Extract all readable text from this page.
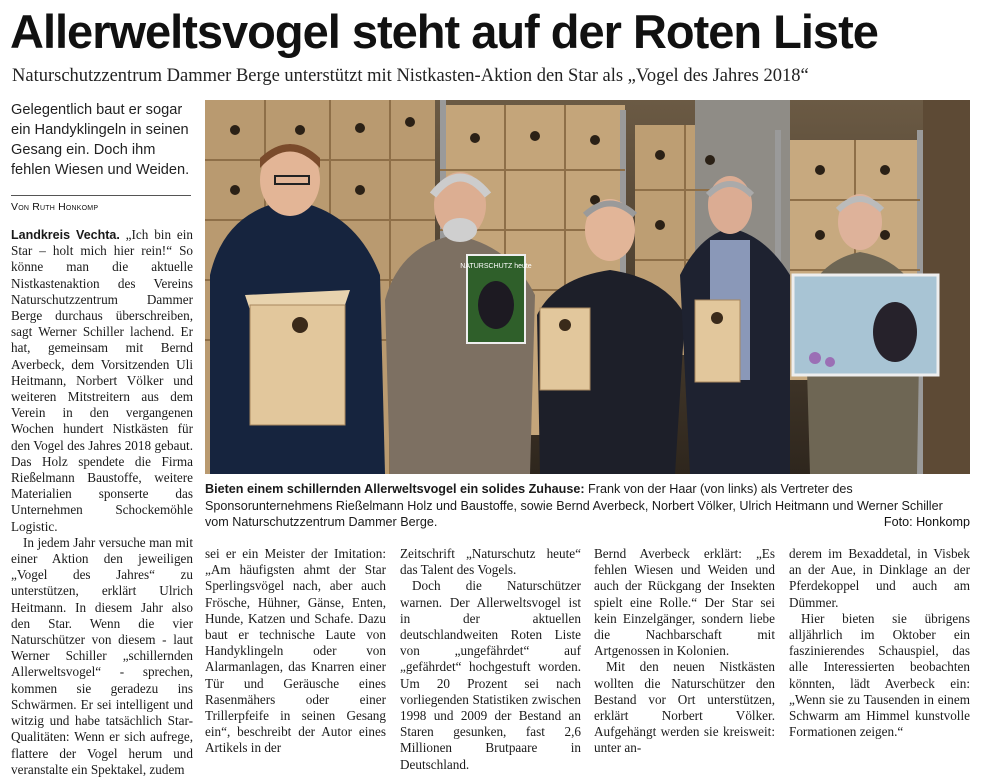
Allerweltsvogel steht auf der Roten Liste
Naturschutzzentrum Dammer Berge unterstützt mit Nistkasten-Aktion den Star als „Vogel des Jahres 2018“
Gelegentlich baut er sogar ein Handyklingeln in seinen Gesang ein. Doch ihm fehlen Wiesen und Weiden.
Von Ruth Honkomp

Landkreis Vechta. „Ich bin ein Star – holt mich hier rein!“ So könne man die aktuelle Nistkastenaktion des Vereins Naturschutzzentrum Dammer Berge durchaus überschreiben, sagt Werner Schiller lachend. Er hat, gemeinsam mit Bernd Averbeck, dem Vorsitzenden Uli Heitmann, Norbert Völker und weiteren Mitstreitern aus dem Verein in den vergangenen Wochen hundert Nistkästen für den Vogel des Jahres 2018 gebaut. Das Holz spendete die Firma Rießelmann Baustoffe, weitere Materialien sponserte das Unternehmen Schockemöhle Logistic.

In jedem Jahr versuche man mit einer Aktion den jeweiligen „Vogel des Jahres“ zu unterstützen, erklärt Ulrich Heitmann. In diesem Jahr also den Star. Wenn die vier Naturschützer von diesem - laut Werner Schiller „schillernden Allerweltsvogel“ - sprechen, kommen sie geradezu ins Schwärmen. Er sei intelligent und witzig und habe tatsächlich Star-Qualitäten: Wenn er sich aufrege, flattere der Vogel herum und veranstalte ein Spektakel, zudem

NATURSCHUTZ heute
Bieten einem schillernden Allerweltsvogel ein solides Zuhause: Frank von der Haar (von links) als Vertreter des Sponsorunternehmens Rießelmann Holz und Baustoffe, sowie Bernd Averbeck, Norbert Völker, Ulrich Heitmann und Werner Schiller vom Naturschutzzentrum Dammer Berge.	Foto: Honkomp

sei er ein Meister der Imitation: „Am häufigsten ahmt der Star Sperlingsvögel nach, aber auch Frösche, Hühner, Gänse, Enten, Hunde, Katzen und Schafe. Dazu baut er technische Laute von Handyklingeln oder von Alarmanlagen, das Knarren einer Tür und Geräusche eines Rasenmähers oder einer Trillerpfeife in seinen Gesang ein“, beschreibt der Autor eines Artikels in der

Zeitschrift „Naturschutz heute“ das Talent des Vogels.

Doch die Naturschützer warnen. Der Allerweltsvogel ist in der aktuellen deutschlandweiten Roten Liste von „ungefährdet“ auf „gefährdet“ hochgestuft worden. Um 20 Prozent sei nach vorliegenden Statistiken zwischen 1998 und 2009 der Bestand an Staren gesunken, fast 2,6 Millionen Brutpaare in Deutschland.

Bernd Averbeck erklärt: „Es fehlen Wiesen und Weiden und auch der Rückgang der Insekten spielt eine Rolle.“ Der Star sei kein Einzelgänger, sondern liebe die Nachbarschaft mit Artgenossen in Kolonien.

Mit den neuen Nistkästen wollten die Naturschützer den Bestand vor Ort unterstützen, erklärt Norbert Völker. Aufgehängt werden sie kreisweit: unter an-

derem im Bexaddetal, in Visbek an der Aue, in Dinklage an der Pferdekoppel und auch am Dümmer.

Hier bieten sie übrigens alljährlich im Oktober ein faszinierendes Schauspiel, das alle Interessierten beobachten könnten, lädt Averbeck ein: „Wenn sie zu Tausenden in einem Schwarm am Himmel kunstvolle Formationen zeigen.“
